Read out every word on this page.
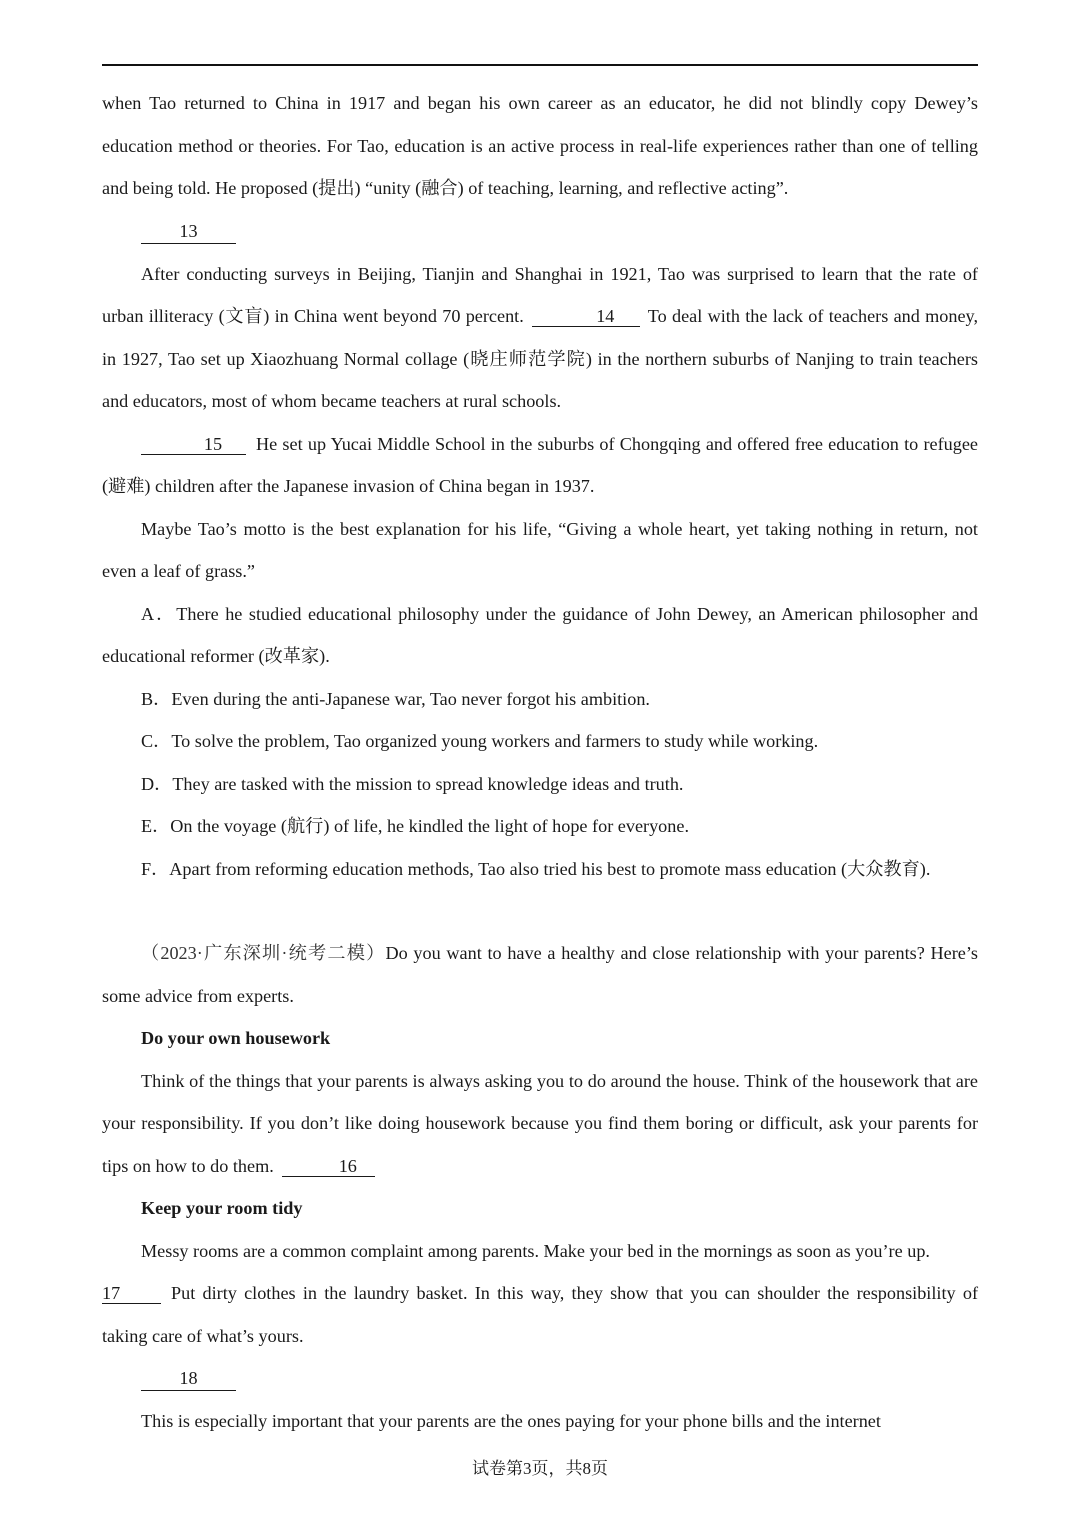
when Tao returned to China in 1917 and began his own career as an educator, he did not blindly copy Dewey’s education method or theories. For Tao, education is an active process in real-life experiences rather than one of telling and being told. He proposed (提出) “unity (融合) of teaching, learning, and reflective acting”.

13

After conducting surveys in Beijing, Tianjin and Shanghai in 1921, Tao was surprised to learn that the rate of urban illiteracy (文盲) in China went beyond 70 percent.	14 To deal with the lack of teachers and money, in 1927, Tao set up Xiaozhuang Normal collage (晓庄师范学院) in the northern suburbs of Nanjing to train teachers and educators, most of whom became teachers at rural schools.

15 He set up Yucai Middle School in the suburbs of Chongqing and offered free education to refugee (避难) children after the Japanese invasion of China began in 1937.

Maybe Tao’s motto is the best explanation for his life, “Giving a whole heart, yet taking nothing in return, not even a leaf of grass.”

A．There he studied educational philosophy under the guidance of John Dewey, an American philosopher and educational reformer (改革家).

B．Even during the anti-Japanese war, Tao never forgot his ambition.

C．To solve the problem, Tao organized young workers and farmers to study while working.

D．They are tasked with the mission to spread knowledge ideas and truth.

E．On the voyage (航行) of life, he kindled the light of hope for everyone.

F．Apart from reforming education methods, Tao also tried his best to promote mass education (大众教育).

（2023·广东深圳·统考二模）Do you want to have a healthy and close relationship with your parents? Here’s some advice from experts.

Do your own housework

Think of the things that your parents is always asking you to do around the house. Think of the housework that are your responsibility. If you don’t like doing housework because you find them boring or difficult, ask your parents for tips on how to do them.	16

Keep your room tidy

Messy rooms are a common complaint among parents. Make your bed in the mornings as soon as you’re up.

17	Put dirty clothes in the laundry basket. In this way, they show that you can shoulder the responsibility of taking care of what’s yours.

18

This is especially important that your parents are the ones paying for your phone bills and the internet

试卷第3页，共8页
